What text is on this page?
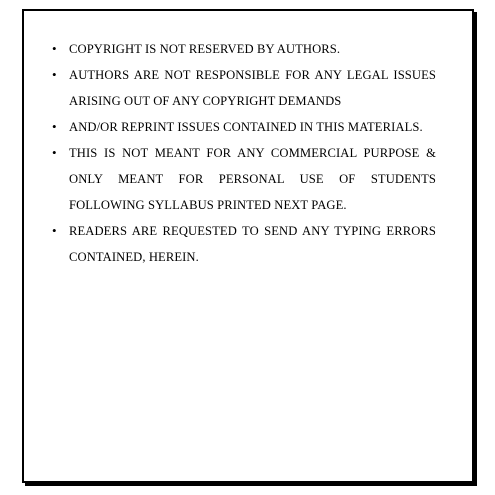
• COPYRIGHT IS NOT RESERVED BY AUTHORS.
• AUTHORS ARE NOT RESPONSIBLE FOR ANY LEGAL ISSUES ARISING OUT OF ANY COPYRIGHT DEMANDS
• AND/OR REPRINT ISSUES CONTAINED IN THIS MATERIALS.
• THIS IS NOT MEANT FOR ANY COMMERCIAL PURPOSE & ONLY MEANT FOR PERSONAL USE OF STUDENTS FOLLOWING SYLLABUS PRINTED NEXT PAGE.
• READERS ARE REQUESTED TO SEND ANY TYPING ERRORS CONTAINED, HEREIN.
